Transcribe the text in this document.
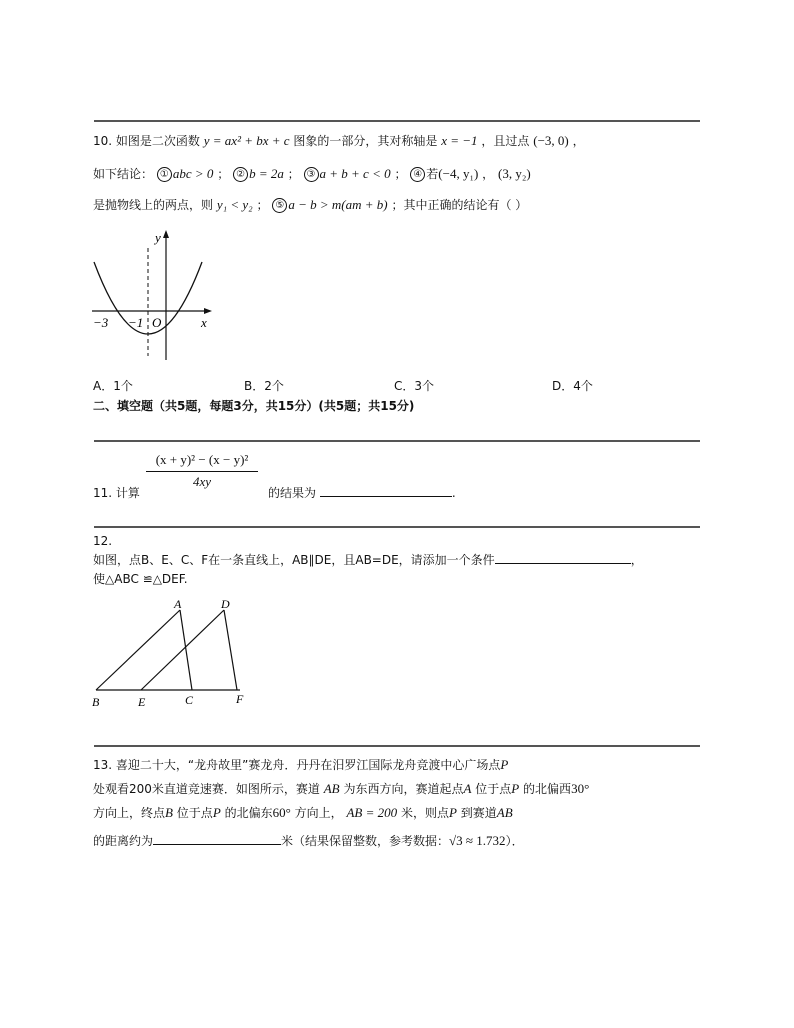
10. 如图是二次函数 y = ax² + bx + c 图象的一部分，其对称轴是 x = −1 ，且过点 (−3, 0) ，
如下结论： ① abc > 0 ； ② b = 2a ； ③ a + b + c < 0 ； ④ 若(−4, y₁) ， (3, y₂)
是抛物线上的两点，则 y₁ < y₂ ； ⑤ a − b > m(am + b) ；其中正确的结论有（ ）
y
x
−3 −1 O
A．1个	B．2个	C．3个	D．4个
二、填空题（共5题，每题3分，共15分）(共5题；共15分)
$\frac{\text{(x + y)² − (x − y)²}}{4xy}$
11. 计算	的结果为	.
12.
如图，点B、E、C、F在一条直线上，AB∥DE，且AB=DE，请添加一个条件	，
使△ABC ≌△DEF.
A	D
B	E	C	F
13. 喜迎二十大，“龙舟故里”赛龙舟．丹丹在汨罗江国际龙舟竞渡中心广场点P
处观看200米直道竞速赛．如图所示，赛道 AB 为东西方向，赛道起点A 位于点P 的北偏西30°
方向上，终点B 位于点P 的北偏东60° 方向上， AB = 200 米，则点P 到赛道AB
的距离约为	米（结果保留整数，参考数据：√3 ≈ 1.732）．
